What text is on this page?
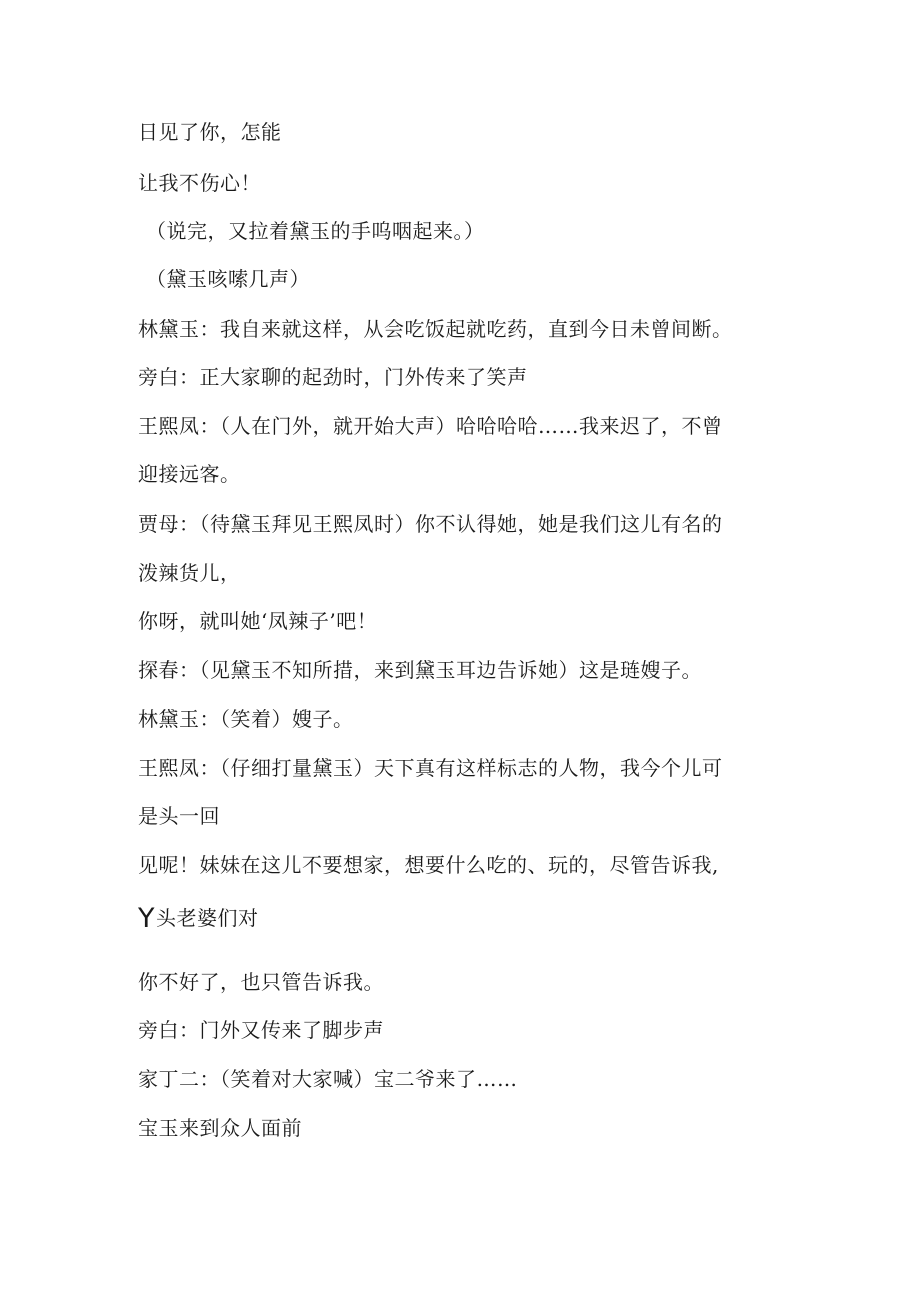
日见了你，怎能
让我不伤心！
（说完，又拉着黛玉的手呜咽起来。）
（黛玉咳嗦几声）
林黛玉：我自来就这样，从会吃饭起就吃药，直到今日未曾间断。
旁白：正大家聊的起劲时，门外传来了笑声
王熙凤：（人在门外，就开始大声）哈哈哈哈……我来迟了，不曾
迎接远客。
贾母：（待黛玉拜见王熙凤时）你不认得她，她是我们这儿有名的
泼辣货儿，
你呀，就叫她‘凤辣子’吧！
探春：（见黛玉不知所措，来到黛玉耳边告诉她）这是琏嫂子。
林黛玉：（笑着）嫂子。
王熙凤：（仔细打量黛玉）天下真有这样标志的人物，我今个儿可
是头一回
见呢！妹妹在这儿不要想家，想要什么吃的、玩的，尽管告诉我,
Y头老婆们对
你不好了，也只管告诉我。
旁白：门外又传来了脚步声
家丁二：（笑着对大家喊）宝二爷来了……
宝玉来到众人面前
